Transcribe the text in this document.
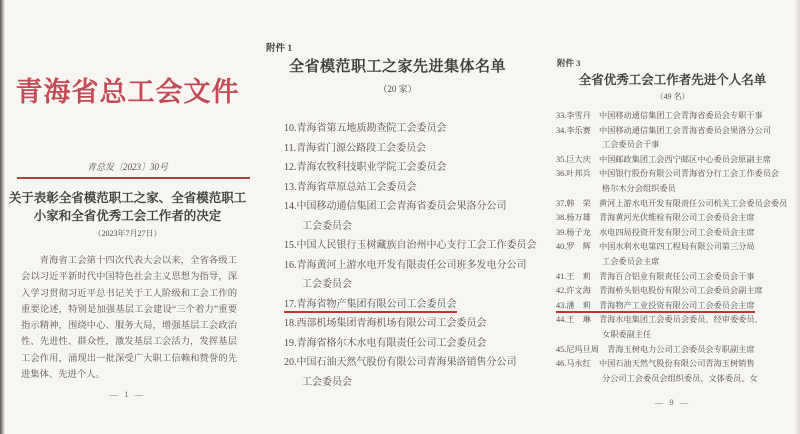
青海省总工会文件
青总发〔2023〕30号
关于表彰全省模范职工之家、全省模范职工
小家和全省优秀工会工作者的决定
（2023年7月27日）
青海省工会第十四次代表大会以来，全省各级工会以习近平新时代中国特色社会主义思想为指导，深入学习贯彻习近平总书记关于工人阶级和工会工作的重要论述，特别是加强基层工会建设“三个着力”重要指示精神，围绕中心、服务大局，增强基层工会政治性、先进性、群众性，激发基层工会活力，发挥基层工会作用，涌现出一批深受广大职工信赖和赞誉的先进集体、先进个人。
— 1 —
附件 1
全省模范职工之家先进集体名单
（20 家）
10.青海省第五地质勘查院工会委员会
11.青海省门源公路段工会委员会
12.青海农牧科技职业学院工会委员会
13.青海省草原总站工会委员会
14.中国移动通信集团工会青海省委员会果洛分公司
工会委员会
15.中国人民银行玉树藏族自治州中心支行工会工作委员会
16.青海黄河上游水电开发有限责任公司班多发电分公司
工会委员会
17.青海省物产集团有限公司工会委员会
18.西部机场集团青海机场有限公司工会委员会
19.青海省格尔木水电有限责任公司工会委员会
20.中国石油天然气股份有限公司青海果洛销售分公司
工会委员会
附件 3
全省优秀工会工作者先进个人名单
（49 名）
33.李雪丹　中国移动通信集团工会青海省委员会专职干事
34.李乐赛　中国移动通信集团工会青海省委员会果洛分公司
工会委员会干事
35.巨大庆　中国邮政集团工会西宁邮区中心委员会原副主席
36.叶邦兵　中国银行股份有限公司青海省分行工会工作委员会
格尔木分会组织委员
37.韩　荣　黄河上游水电开发有限责任公司机关工会委员会委员
38.杨万雄　青海黄河光伏维检有限公司工会委员会主席
39.杨子龙　水电四局投资开发有限公司工会委员会主席
40.罗　辉　中国水利水电第四工程局有限公司第三分局
工会委员会主席
41.王　莉　青海百合铝业有限责任公司工会委员会干事
42.许文海　青海桥头铝电股份有限公司工会委员会副主席
43.潘　莉　青海物产工业投资有限公司工会委员会主席
44.王　琳　青海水电集团工会委员会委员、经审委委员、
女职委副主任
45.尼玛旦周　青海玉树电力公司工会委员会专职副主席
46.马永红　中国石油天然气股份有限公司青海玉树销售
分公司工会委员会组织委员、文体委员、女
— 9 —
